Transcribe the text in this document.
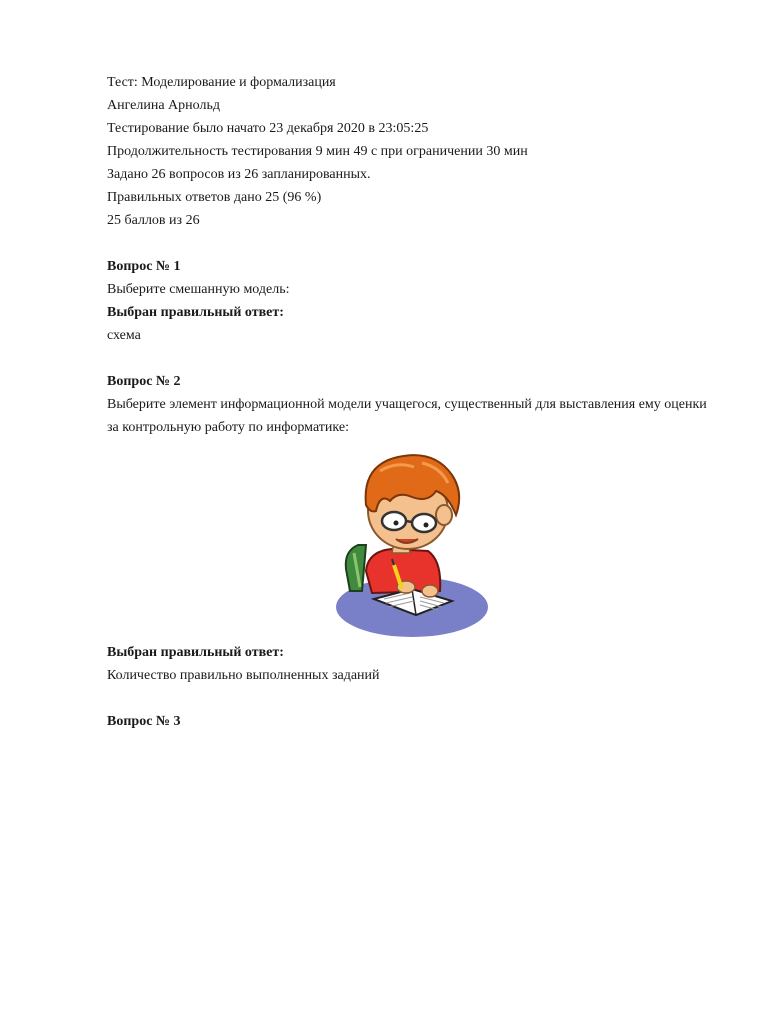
Тест: Моделирование и формализация
Ангелина Арнольд
Тестирование было начато 23 декабря 2020 в 23:05:25
Продолжительность тестирования 9 мин 49 с при ограничении 30 мин
Задано 26 вопросов из 26 запланированных.
Правильных ответов дано 25 (96 %)
25 баллов из 26
Вопрос № 1
Выберите смешанную модель:
Выбран правильный ответ:
схема
Вопрос № 2
Выберите элемент информационной модели учащегося, существенный для выставления ему оценки за контрольную работу по информатике:
Выбран правильный ответ:
Количество правильно выполненных заданий
Вопрос № 3
